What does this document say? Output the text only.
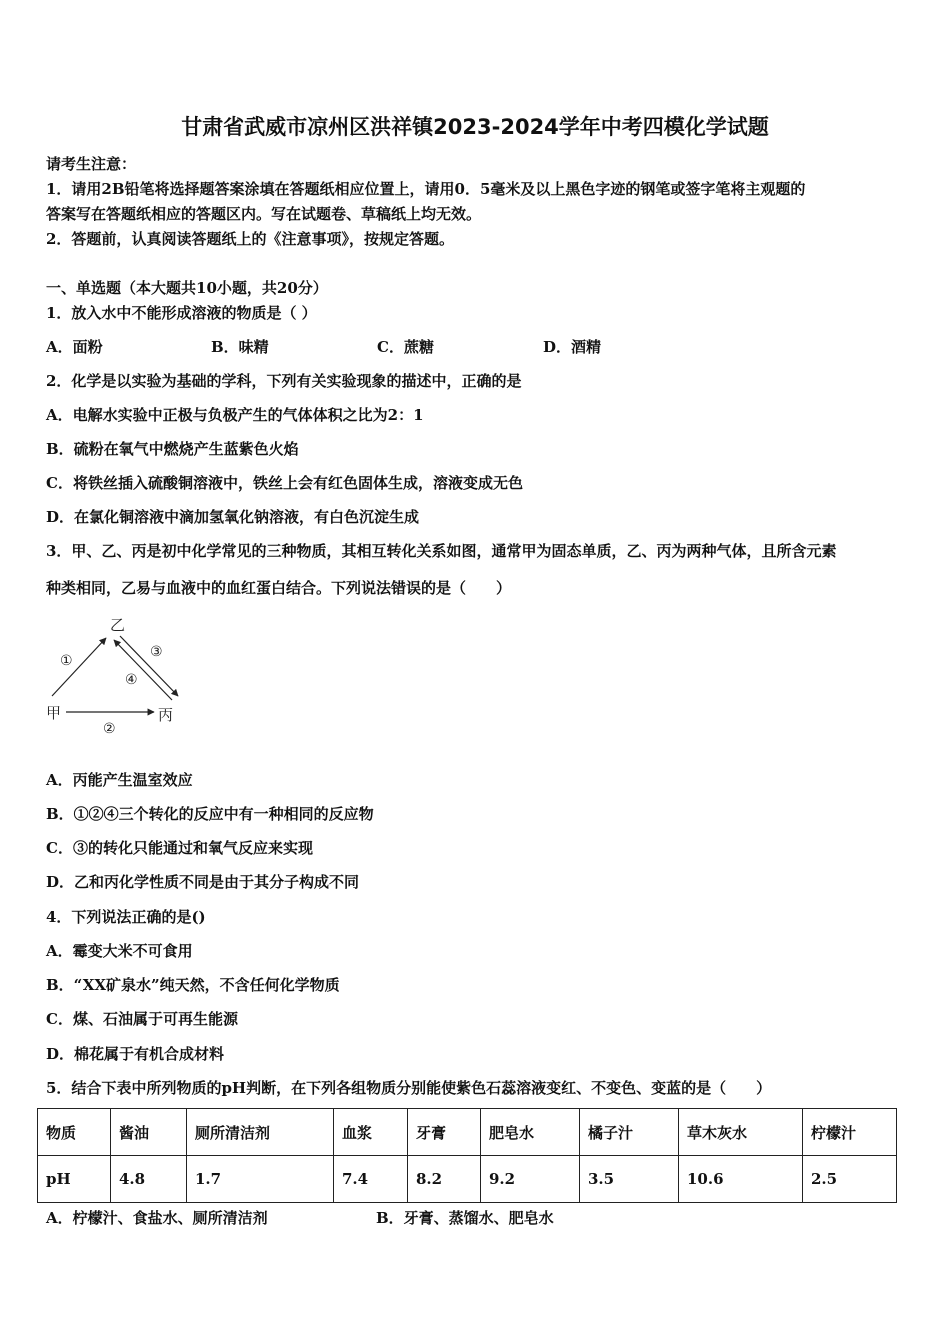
甘肃省武威市凉州区洪祥镇2023-2024学年中考四模化学试题
请考生注意：
1．请用2B铅笔将选择题答案涂填在答题纸相应位置上，请用0．5毫米及以上黑色字迹的钢笔或签字笔将主观题的
答案写在答题纸相应的答题区内。写在试题卷、草稿纸上均无效。
2．答题前，认真阅读答题纸上的《注意事项》，按规定答题。
一、单选题（本大题共10小题，共20分）
1．放入水中不能形成溶液的物质是（ ）
A．面粉	B．味精	C．蔗糖	D．酒精
2．化学是以实验为基础的学科，下列有关实验现象的描述中，正确的是
A．电解水实验中正极与负极产生的气体体积之比为2：1
B．硫粉在氧气中燃烧产生蓝紫色火焰
C．将铁丝插入硫酸铜溶液中，铁丝上会有红色固体生成，溶液变成无色
D．在氯化铜溶液中滴加氢氧化钠溶液，有白色沉淀生成
3．甲、乙、丙是初中化学常见的三种物质，其相互转化关系如图，通常甲为固态单质，乙、丙为两种气体，且所含元素
种类相同，乙易与血液中的血红蛋白结合。下列说法错误的是（　　）
乙
甲	丙
①
②
③
④
A．丙能产生温室效应
B．①②④三个转化的反应中有一种相同的反应物
C．③的转化只能通过和氧气反应来实现
D．乙和丙化学性质不同是由于其分子构成不同
4．下列说法正确的是()
A．霉变大米不可食用
B．“XX矿泉水”纯天然，不含任何化学物质
C．煤、石油属于可再生能源
D．棉花属于有机合成材料
5．结合下表中所列物质的pH判断，在下列各组物质分别能使紫色石蕊溶液变红、不变色、变蓝的是（　　）
物质	酱油	厕所清洁剂	血浆	牙膏	肥皂水	橘子汁	草木灰水	柠檬汁
pH	4.8	1.7	7.4	8.2	9.2	3.5	10.6	2.5
A．柠檬汁、食盐水、厕所清洁剂	B．牙膏、蒸馏水、肥皂水
